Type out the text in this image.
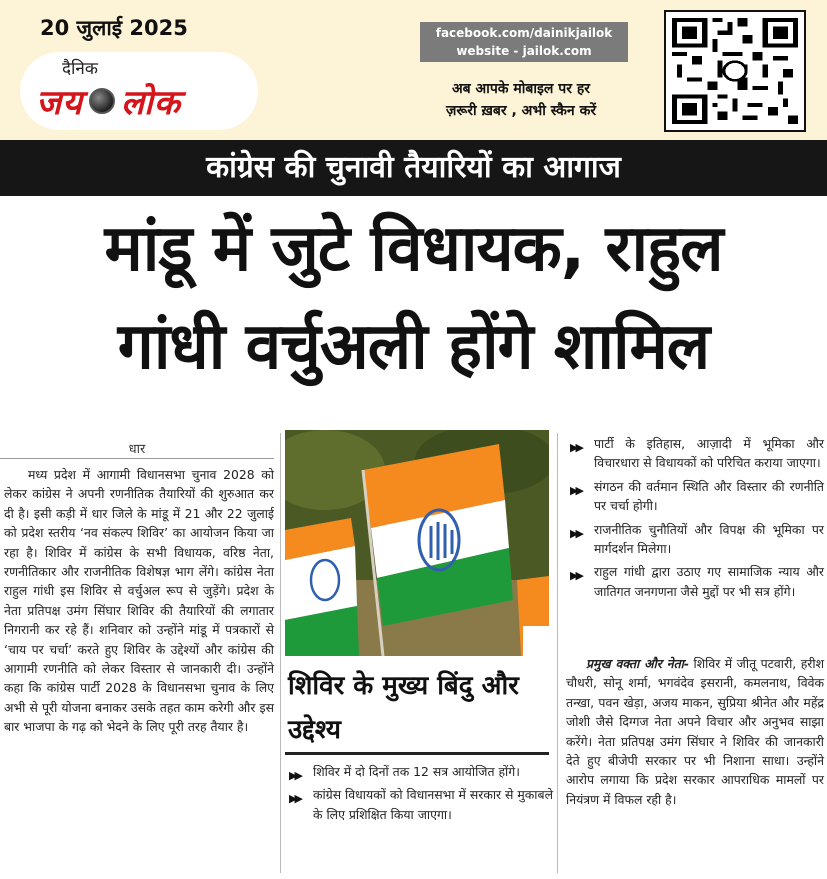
20 जुलाई 2025
दैनिक
जय लोक
facebook.com/dainikjailok
website - jailok.com
अब आपके मोबाइल पर हर
ज़रूरी ख़बर , अभी स्कैन करें
कांग्रेस की चुनावी तैयारियों का आगाज
मांडू में जुटे विधायक, राहुल
गांधी वर्चुअली होंगे शामिल
धार

मध्य प्रदेश में आगामी विधानसभा चुनाव 2028 को लेकर कांग्रेस ने अपनी रणनीतिक तैयारियों की शुरुआत कर दी है। इसी कड़ी में धार जिले के मांडू में 21 और 22 जुलाई को प्रदेश स्तरीय ‘नव संकल्प शिविर’ का आयोजन किया जा रहा है। शिविर में कांग्रेस के सभी विधायक, वरिष्ठ नेता, रणनीतिकार और राजनीतिक विशेषज्ञ भाग लेंगे। कांग्रेस नेता राहुल गांधी इस शिविर से वर्चुअल रूप से जुड़ेंगे। प्रदेश के नेता प्रतिपक्ष उमंग सिंघार शिविर की तैयारियों की लगातार निगरानी कर रहे हैं। शनिवार को उन्होंने मांडू में पत्रकारों से ‘चाय पर चर्चा’ करते हुए शिविर के उद्देश्यों और कांग्रेस की आगामी रणनीति को लेकर विस्तार से जानकारी दी। उन्होंने कहा कि कांग्रेस पार्टी 2028 के विधानसभा चुनाव के लिए अभी से पूरी योजना बनाकर उसके तहत काम करेगी और इस बार भाजपा के गढ़ को भेदने के लिए पूरी तरह तैयार है।

शिविर के मुख्य बिंदु और उद्देश्य
▶▶ शिविर में दो दिनों तक 12 सत्र आयोजित होंगे।
▶▶ कांग्रेस विधायकों को विधानसभा में सरकार से मुकाबले के लिए प्रशिक्षित किया जाएगा।
▶▶ पार्टी के इतिहास, आज़ादी में भूमिका और विचारधारा से विधायकों को परिचित कराया जाएगा।
▶▶ संगठन की वर्तमान स्थिति और विस्तार की रणनीति पर चर्चा होगी।
▶▶ राजनीतिक चुनौतियों और विपक्ष की भूमिका पर मार्गदर्शन मिलेगा।
▶▶ राहुल गांधी द्वारा उठाए गए सामाजिक न्याय और जातिगत जनगणना जैसे मुद्दों पर भी सत्र होंगे।

प्रमुख वक्ता और नेता- शिविर में जीतू पटवारी, हरीश चौधरी, सोनू शर्मा, भगवंदेव इसरानी, कमलनाथ, विवेक तन्खा, पवन खेड़ा, अजय माकन, सुप्रिया श्रीनेत और महेंद्र जोशी जैसे दिग्गज नेता अपने विचार और अनुभव साझा करेंगे। नेता प्रतिपक्ष उमंग सिंघार ने शिविर की जानकारी देते हुए बीजेपी सरकार पर भी निशाना साधा। उन्होंने आरोप लगाया कि प्रदेश सरकार आपराधिक मामलों पर नियंत्रण में विफल रही है।
